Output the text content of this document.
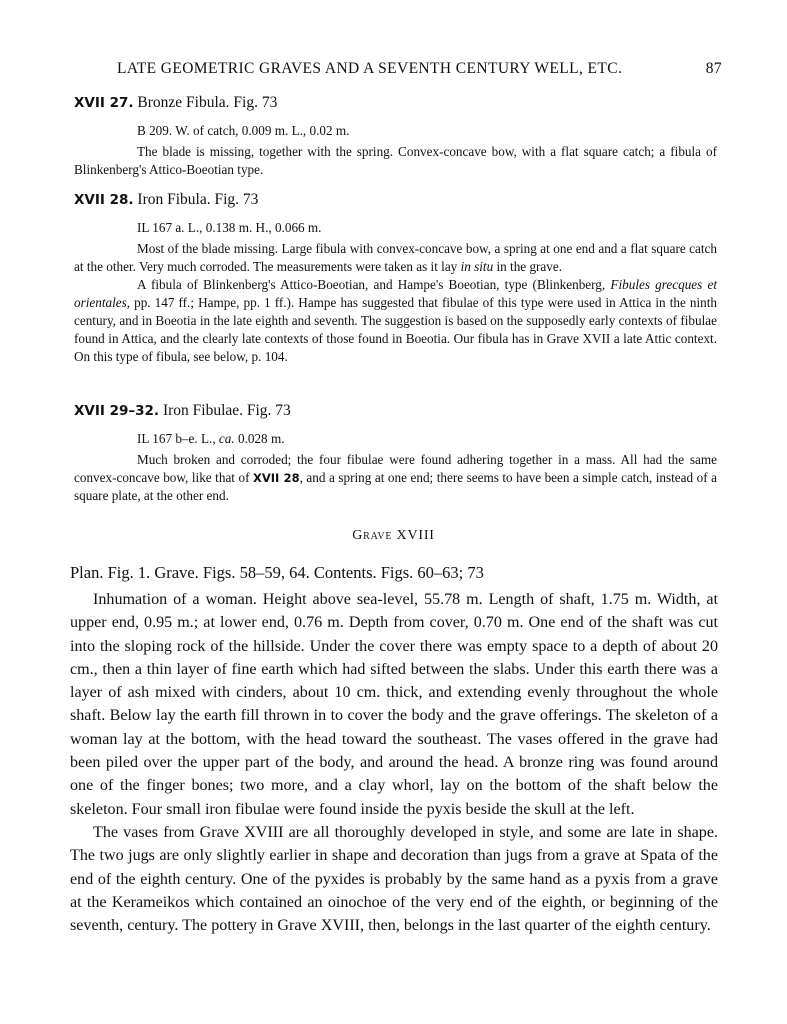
LATE GEOMETRIC GRAVES AND A SEVENTH CENTURY WELL, ETC.	87
XVII 27. Bronze Fibula. Fig. 73

B 209. W. of catch, 0.009 m. L., 0.02 m.

The blade is missing, together with the spring. Convex-concave bow, with a flat square catch; a fibula of Blinkenberg's Attico-Boeotian type.

XVII 28. Iron Fibula. Fig. 73

IL 167 a. L., 0.138 m. H., 0.066 m.

Most of the blade missing. Large fibula with convex-concave bow, a spring at one end and a flat square catch at the other. Very much corroded. The measurements were taken as it lay in situ in the grave.

A fibula of Blinkenberg's Attico-Boeotian, and Hampe's Boeotian, type (Blinkenberg, Fibules grecques et orientales, pp. 147 ff.; Hampe, pp. 1 ff.). Hampe has suggested that fibulae of this type were used in Attica in the ninth century, and in Boeotia in the late eighth and seventh. The suggestion is based on the supposedly early contexts of fibulae found in Attica, and the clearly late contexts of those found in Boeotia. Our fibula has in Grave XVII a late Attic context. On this type of fibula, see below, p. 104.

XVII 29–32. Iron Fibulae. Fig. 73

IL 167 b–e. L., ca. 0.028 m.

Much broken and corroded; the four fibulae were found adhering together in a mass. All had the same convex-concave bow, like that of XVII 28, and a spring at one end; there seems to have been a simple catch, instead of a square plate, at the other end.

Grave XVIII
Plan. Fig. 1. Grave. Figs. 58–59, 64. Contents. Figs. 60–63; 73

Inhumation of a woman. Height above sea-level, 55.78 m. Length of shaft, 1.75 m. Width, at upper end, 0.95 m.; at lower end, 0.76 m. Depth from cover, 0.70 m. One end of the shaft was cut into the sloping rock of the hillside. Under the cover there was empty space to a depth of about 20 cm., then a thin layer of fine earth which had sifted between the slabs. Under this earth there was a layer of ash mixed with cinders, about 10 cm. thick, and extending evenly throughout the whole shaft. Below lay the earth fill thrown in to cover the body and the grave offerings. The skeleton of a woman lay at the bottom, with the head toward the southeast. The vases offered in the grave had been piled over the upper part of the body, and around the head. A bronze ring was found around one of the finger bones; two more, and a clay whorl, lay on the bottom of the shaft below the skeleton. Four small iron fibulae were found inside the pyxis beside the skull at the left.

The vases from Grave XVIII are all thoroughly developed in style, and some are late in shape. The two jugs are only slightly earlier in shape and decoration than jugs from a grave at Spata of the end of the eighth century. One of the pyxides is probably by the same hand as a pyxis from a grave at the Kerameikos which contained an oinochoe of the very end of the eighth, or beginning of the seventh, century. The pottery in Grave XVIII, then, belongs in the last quarter of the eighth century.
